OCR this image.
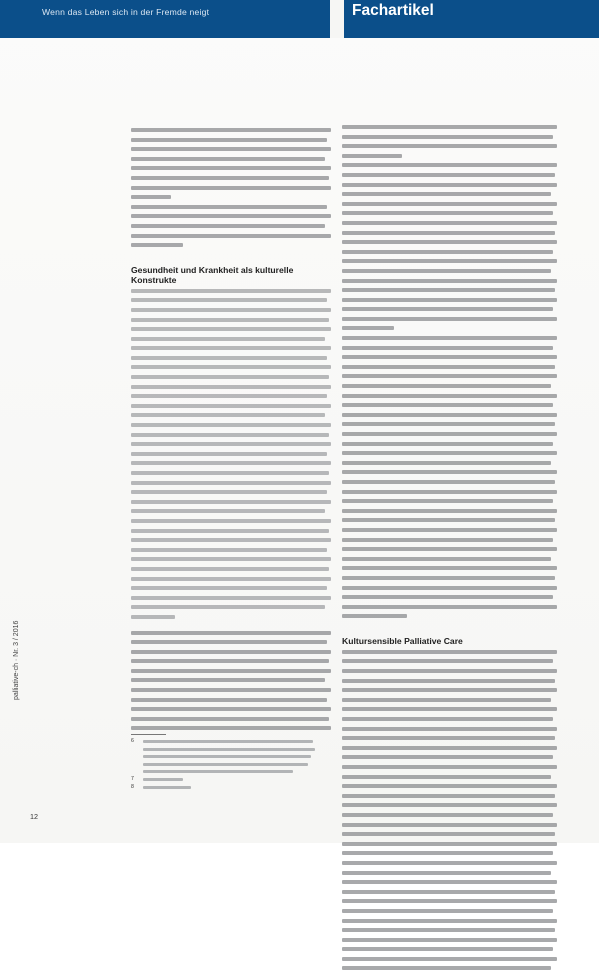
Wenn das Leben sich in der Fremde neigt	Fachartikel
Gesundheit und Krankheit als kulturelle Konstrukte
6
7
8
Kultursensible Palliative Care
palliative-ch · Nr. 3 / 2016
12
